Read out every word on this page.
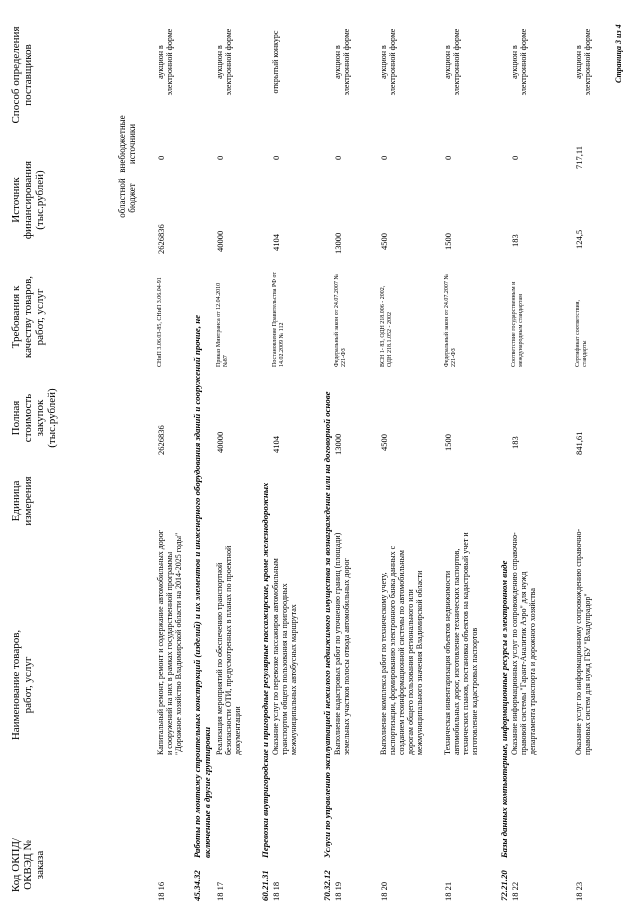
Код ОКПД/ ОКВЭД № заказа
Наименование товаров, работ, услуг
Единица измерения
Полная стоимость закупок (тыс.рублей)
Требования к качеству товаров, работ, услуг
Источник финансирования (тыс.рублей)
Способ определения поставщиков
областной бюджет
внебюджетные источники
18 16
Капитальный ремонт, ремонт и содержание автомобильных дорог и сооружений на них в рамках государственной программы "Дорожное хозяйство Владимирской области на 2014-2025 годы"
2626836
СНиП 3.06.03-85, СНиП 3.06.04-91
2626836
0
аукцион в электронной форме
45.34.32
Работы по монтажу строительных конструкций (изделий) и их элементов и инженерного оборудования зданий и сооружений прочие, не включенные в другие группировки
18 17
Реализация мероприятий по обеспечению транспортной безопасности ОТИ, предусмотренных в планах по проектной документации
40000
Приказ Минтранса от 12.04.2010 №87
40000
0
аукцион в электронной форме
60.21.31
Перевозки внутригородские и пригородные регулярные пассажирские, кроме железнодорожных
18 18
Оказание услуг по перевозке пассажиров автомобильным транспортом общего пользования на пригородных межмуниципальных автобусных маршрутах
4104
Постановление Правительства РФ от 14.02.2009 № 112
4104
0
открытый конкурс
70.32.12
Услуги по управлению эксплуатацией нежилого недвижимого имущества за вознаграждение или на договорной основе
18 19
Выполнение кадастровых работ по уточнению границ (площади) земельных участков полосы отвода автомобильных дорог
13000
Федеральный закон от 24.07.2007 № 221-ФЗ
13000
0
аукцион в электронной форме
18 20
Выполнение комплекса работ по техническому учету, паспортизации, формированию электронного банка данных с созданием геоинформационной системы по автомобильным дорогам общего пользования регионального или межмуниципального значения Владимирской области
4500
ВСН 1- 83, ОДН 218.006 - 2002, ОДН 218.1.052 - 2002
4500
0
аукцион в электронной форме
18 21
Техническая инвентаризация объектов недвижимости автомобильных дорог, изготовление технических паспортов, технических планов, постановка объектов на кадастровый учет и изготовление кадастровых паспортов
1500
Федеральный закон от 24.07.2007 № 221-ФЗ
1500
0
аукцион в электронной форме
72.21.20
Базы данных компьютерные, информационные ресурсы в электронном виде
18 22
Оказание информационных услуг по сопровождению справочно-правовой системы "Гарант-Аналитик Аэро" для нужд департамента транспорта и дорожного хозяйства
183
Соответствие государственным и международным стандартам
183
0
аукцион в электронной форме
18 23
Оказание услуг по информационному сопровождению справочно-правовых систем для нужд ГБУ "Владупрадор"
841,61
Сертификат соответствия, стандарты
124,5
717,11
аукцион в электронной форме	Страница 3 из 4
